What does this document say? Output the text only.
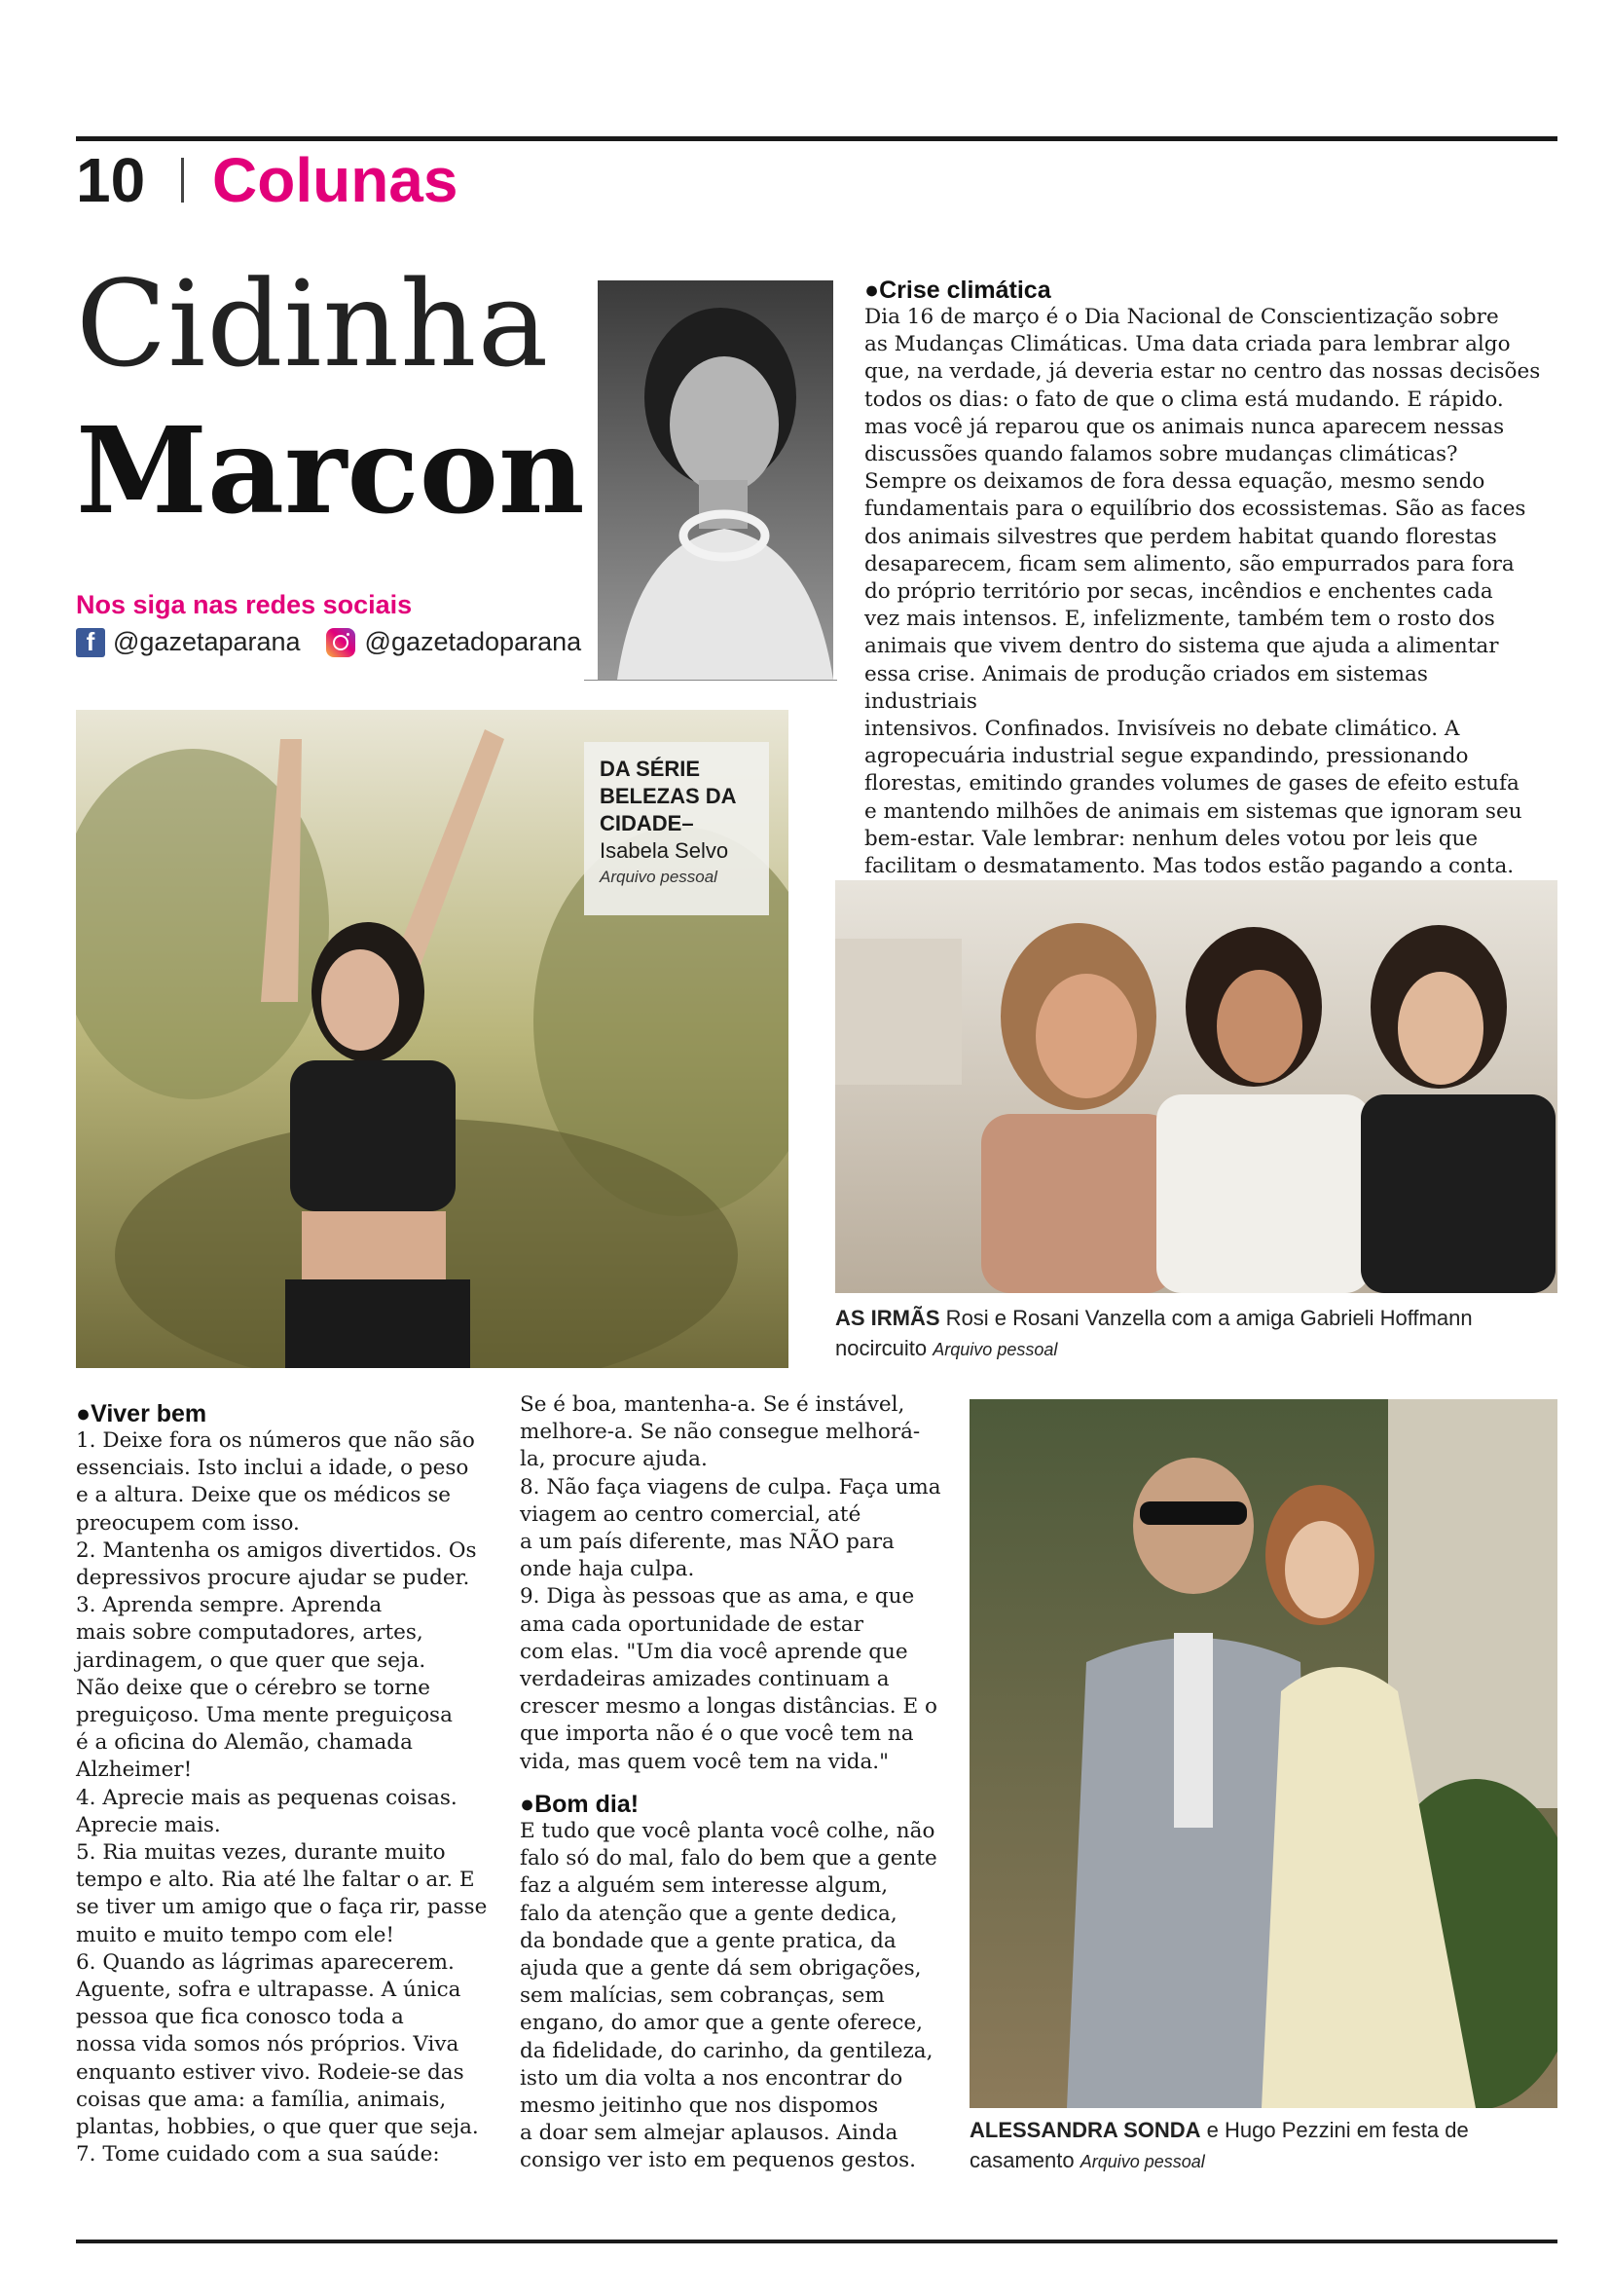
10 Colunas
Cidinha
Marcon
Nos siga nas redes sociais
f @gazetaparana @gazetadoparana
DA SÉRIE
BELEZAS DA
CIDADE–
Isabela Selvo
Arquivo pessoal
●Crise climática
Dia 16 de março é o Dia Nacional de Conscientização sobre
as Mudanças Climáticas. Uma data criada para lembrar algo
que, na verdade, já deveria estar no centro das nossas decisões
todos os dias: o fato de que o clima está mudando. E rápido.
mas você já reparou que os animais nunca aparecem nessas
discussões quando falamos sobre mudanças climáticas?
Sempre os deixamos de fora dessa equação, mesmo sendo
fundamentais para o equilíbrio dos ecossistemas. São as faces
dos animais silvestres que perdem habitat quando florestas
desaparecem, ficam sem alimento, são empurrados para fora
do próprio território por secas, incêndios e enchentes cada
vez mais intensos. E, infelizmente, também tem o rosto dos
animais que vivem dentro do sistema que ajuda a alimentar
essa crise. Animais de produção criados em sistemas industriais
intensivos. Confinados. Invisíveis no debate climático. A
agropecuária industrial segue expandindo, pressionando
florestas, emitindo grandes volumes de gases de efeito estufa
e mantendo milhões de animais em sistemas que ignoram seu
bem-estar. Vale lembrar: nenhum deles votou por leis que
facilitam o desmatamento. Mas todos estão pagando a conta.
AS IRMÃS Rosi e Rosani Vanzella com a amiga Gabrieli Hoffmann
nocircuito Arquivo pessoal
●Viver bem
1. Deixe fora os números que não são
essenciais. Isto inclui a idade, o peso
e a altura. Deixe que os médicos se
preocupem com isso.
2. Mantenha os amigos divertidos. Os
depressivos procure ajudar se puder.
3. Aprenda sempre. Aprenda
mais sobre computadores, artes,
jardinagem, o que quer que seja.
Não deixe que o cérebro se torne
preguiçoso. Uma mente preguiçosa
é a oficina do Alemão, chamada
Alzheimer!
4. Aprecie mais as pequenas coisas.
Aprecie mais.
5. Ria muitas vezes, durante muito
tempo e alto. Ria até lhe faltar o ar. E
se tiver um amigo que o faça rir, passe
muito e muito tempo com ele!
6. Quando as lágrimas aparecerem.
Aguente, sofra e ultrapasse. A única
pessoa que fica conosco toda a
nossa vida somos nós próprios. Viva
enquanto estiver vivo. Rodeie-se das
coisas que ama: a família, animais,
plantas, hobbies, o que quer que seja.
7. Tome cuidado com a sua saúde:
Se é boa, mantenha-a. Se é instável,
melhore-a. Se não consegue melhorá-
la, procure ajuda.
8. Não faça viagens de culpa. Faça uma
viagem ao centro comercial, até
a um país diferente, mas NÃO para
onde haja culpa.
9. Diga às pessoas que as ama, e que
ama cada oportunidade de estar
com elas. "Um dia você aprende que
verdadeiras amizades continuam a
crescer mesmo a longas distâncias. E o
que importa não é o que você tem na
vida, mas quem você tem na vida."
●Bom dia!
E tudo que você planta você colhe, não
falo só do mal, falo do bem que a gente
faz a alguém sem interesse algum,
falo da atenção que a gente dedica,
da bondade que a gente pratica, da
ajuda que a gente dá sem obrigações,
sem malícias, sem cobranças, sem
engano, do amor que a gente oferece,
da fidelidade, do carinho, da gentileza,
isto um dia volta a nos encontrar do
mesmo jeitinho que nos dispomos
a doar sem almejar aplausos. Ainda
consigo ver isto em pequenos gestos.
ALESSANDRA SONDA e Hugo Pezzini em festa de
casamento Arquivo pessoal
